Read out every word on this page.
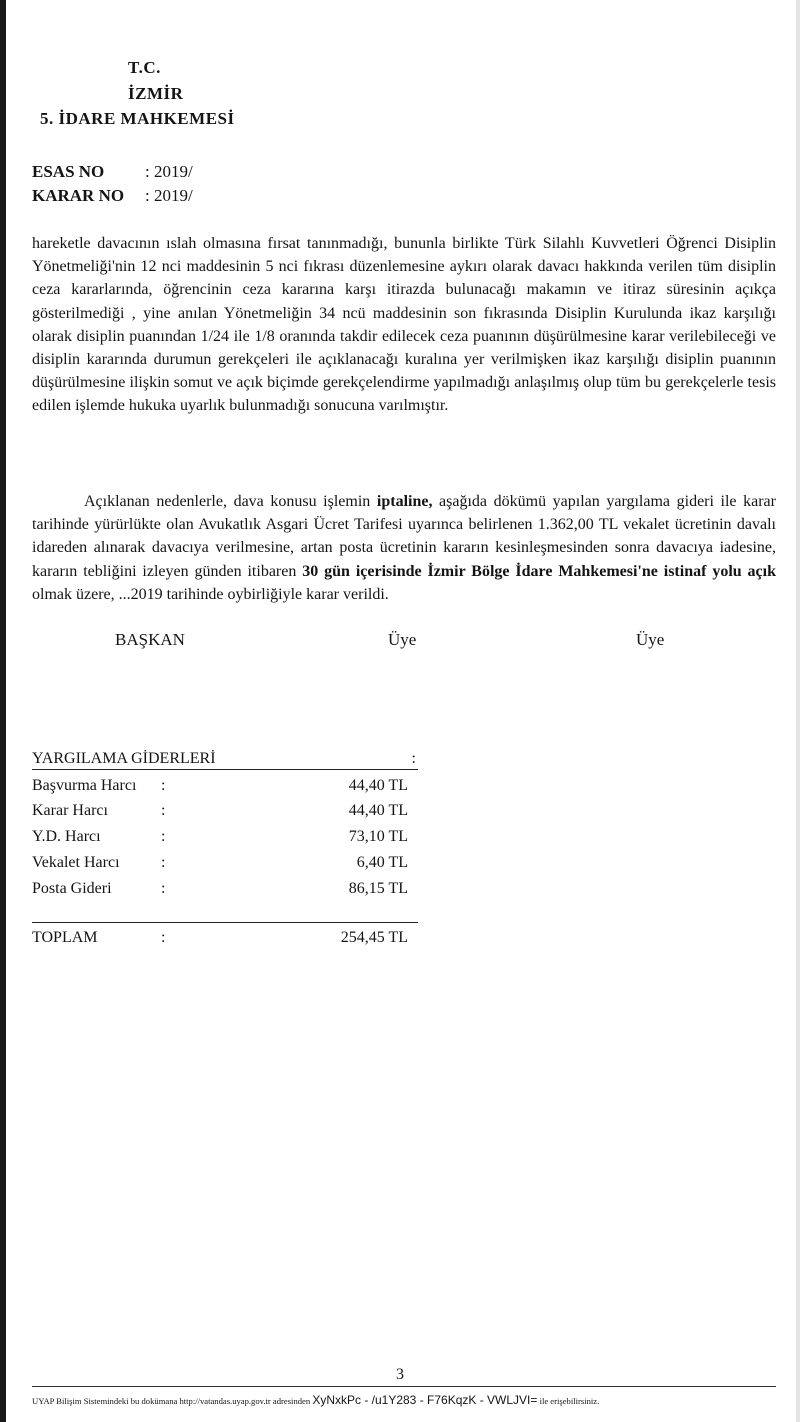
T.C.
İZMİR
5. İDARE MAHKEMESİ
ESAS NO : 2019/
KARAR NO : 2019/

hareketle davacının ıslah olmasına fırsat tanınmadığı, bununla birlikte Türk Silahlı Kuvvetleri Öğrenci Disiplin Yönetmeliği'nin 12 nci maddesinin 5 nci fıkrası düzenlemesine aykırı olarak davacı hakkında verilen tüm disiplin ceza kararlarında, öğrencinin ceza kararına karşı itirazda bulunacağı makamın ve itiraz süresinin açıkça gösterilmediği , yine anılan Yönetmeliğin 34 ncü maddesinin son fıkrasında Disiplin Kurulunda ikaz karşılığı olarak disiplin puanından 1/24 ile 1/8 oranında takdir edilecek ceza puanının düşürülmesine karar verilebileceği ve disiplin kararında durumun gerekçeleri ile açıklanacağı kuralına yer verilmişken ikaz karşılığı disiplin puanının düşürülmesine ilişkin somut ve açık biçimde gerekçelendirme yapılmadığı anlaşılmış olup tüm bu gerekçelerle tesis edilen işlemde hukuka uyarlık bulunmadığı sonucuna varılmıştır.

Açıklanan nedenlerle, dava konusu işlemin iptaline, aşağıda dökümü yapılan yargılama gideri ile karar tarihinde yürürlükte olan Avukatlık Asgari Ücret Tarifesi uyarınca belirlenen 1.362,00 TL vekalet ücretinin davalı idareden alınarak davacıya verilmesine, artan posta ücretinin kararın kesinleşmesinden sonra davacıya iadesine, kararın tebliğini izleyen günden itibaren 30 gün içerisinde İzmir Bölge İdare Mahkemesi'ne istinaf yolu açık olmak üzere, ...2019 tarihinde oybirliğiyle karar verildi.

BAŞKAN	Üye	Üye
YARGILAMA GİDERLERİ	:
Başvurma Harcı :	44,40 TL
Karar Harcı	:	44,40 TL
Y.D. Harcı	:	73,10 TL
Vekalet Harcı	:	6,40 TL
Posta Gideri	:	86,15 TL
TOPLAM	:	254,45 TL
3
UYAP Bilişim Sistemindeki bu dokümana http://vatandas.uyap.gov.tr adresinden XyNxkPc - /u1Y283 - F76KqzK - VWLJVI= ile erişebilirsiniz.
